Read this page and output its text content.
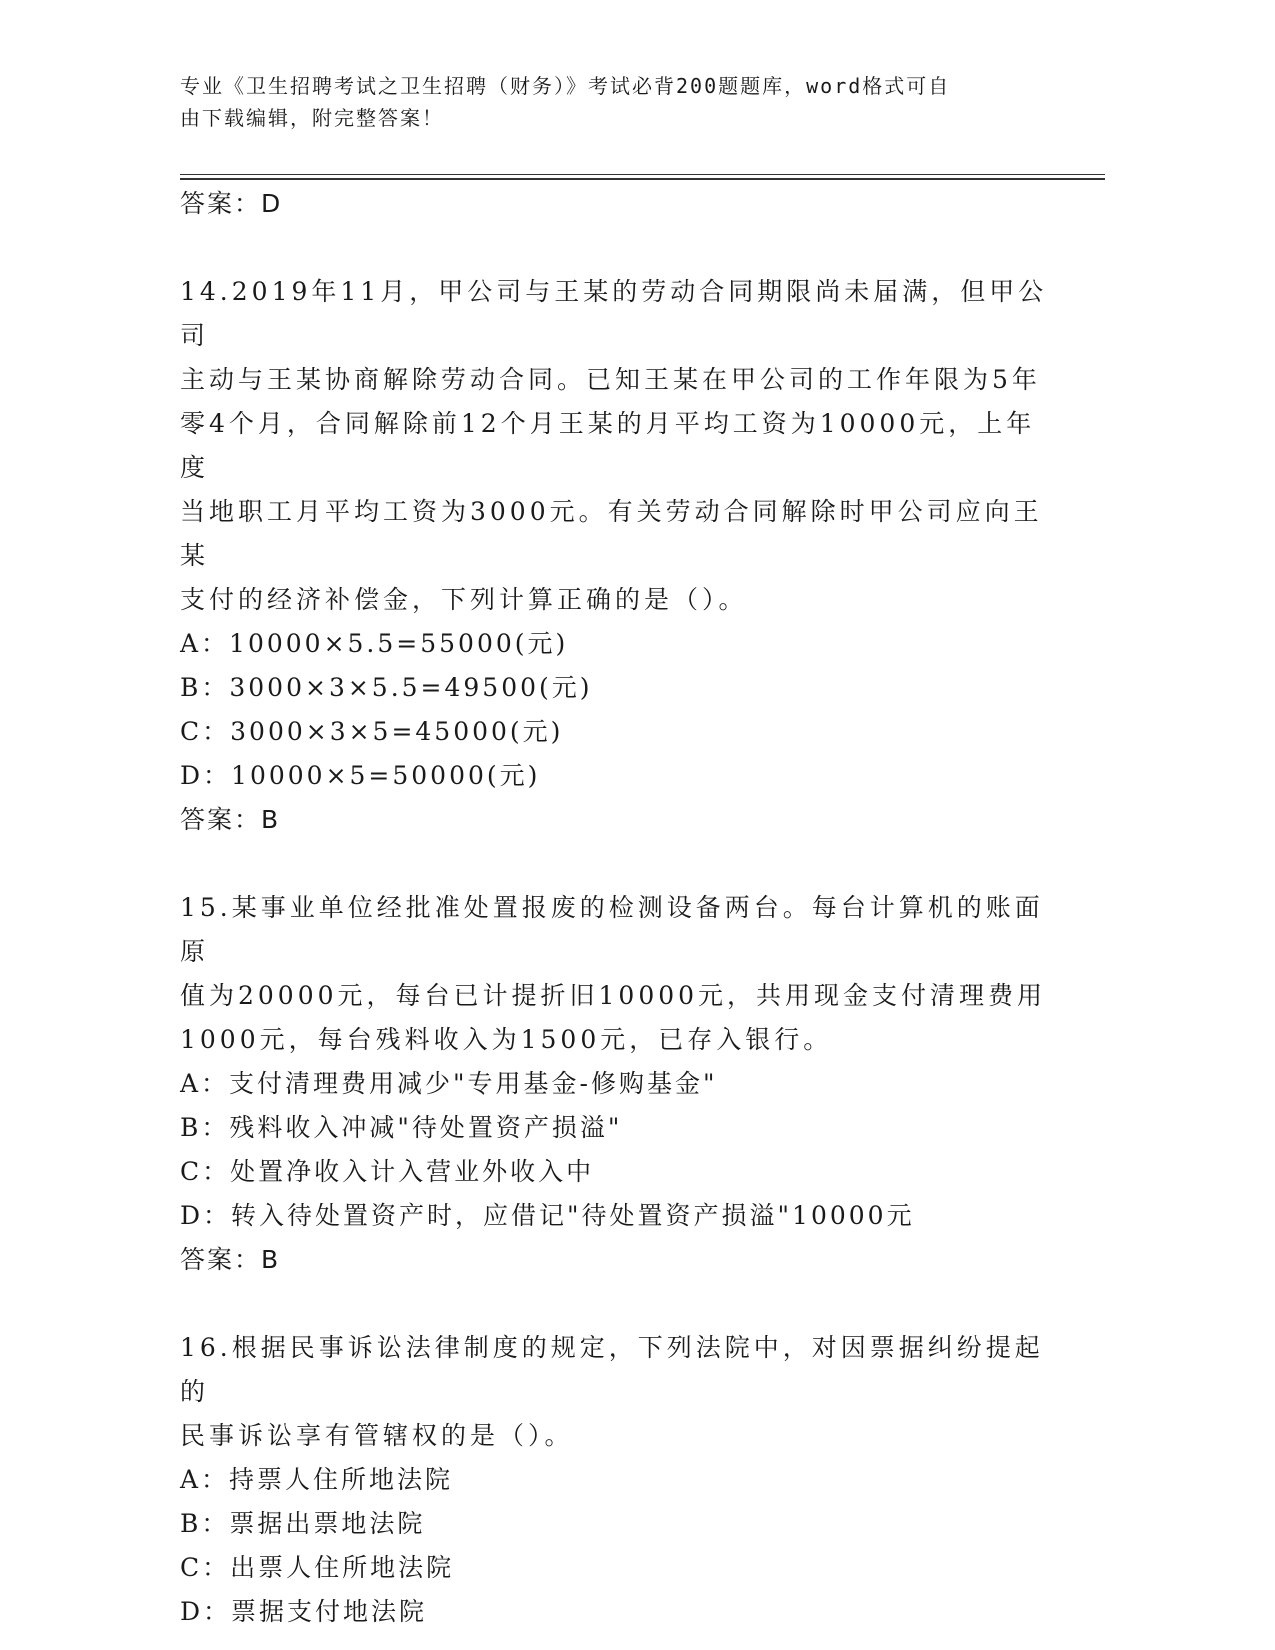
专业《卫生招聘考试之卫生招聘（财务）》考试必背200题题库，word格式可自

由下载编辑，附完整答案！

答案：D

14.2019年11月，甲公司与王某的劳动合同期限尚未届满，但甲公司

主动与王某协商解除劳动合同。已知王某在甲公司的工作年限为5年

零4个月，合同解除前12个月王某的月平均工资为10000元，上年度

当地职工月平均工资为3000元。有关劳动合同解除时甲公司应向王某

支付的经济补偿金，下列计算正确的是（）。

A：10000×5.5=55000(元)

B：3000×3×5.5=49500(元)

C：3000×3×5=45000(元)

D：10000×5=50000(元)

答案：B

15.某事业单位经批准处置报废的检测设备两台。每台计算机的账面原

值为20000元，每台已计提折旧10000元，共用现金支付清理费用

1000元，每台残料收入为1500元，已存入银行。

A：支付清理费用减少"专用基金-修购基金"

B：残料收入冲减"待处置资产损溢"

C：处置净收入计入营业外收入中

D：转入待处置资产时，应借记"待处置资产损溢"10000元

答案：B

16.根据民事诉讼法律制度的规定，下列法院中，对因票据纠纷提起的

民事诉讼享有管辖权的是（）。

A：持票人住所地法院

B：票据出票地法院

C：出票人住所地法院

D：票据支付地法院
